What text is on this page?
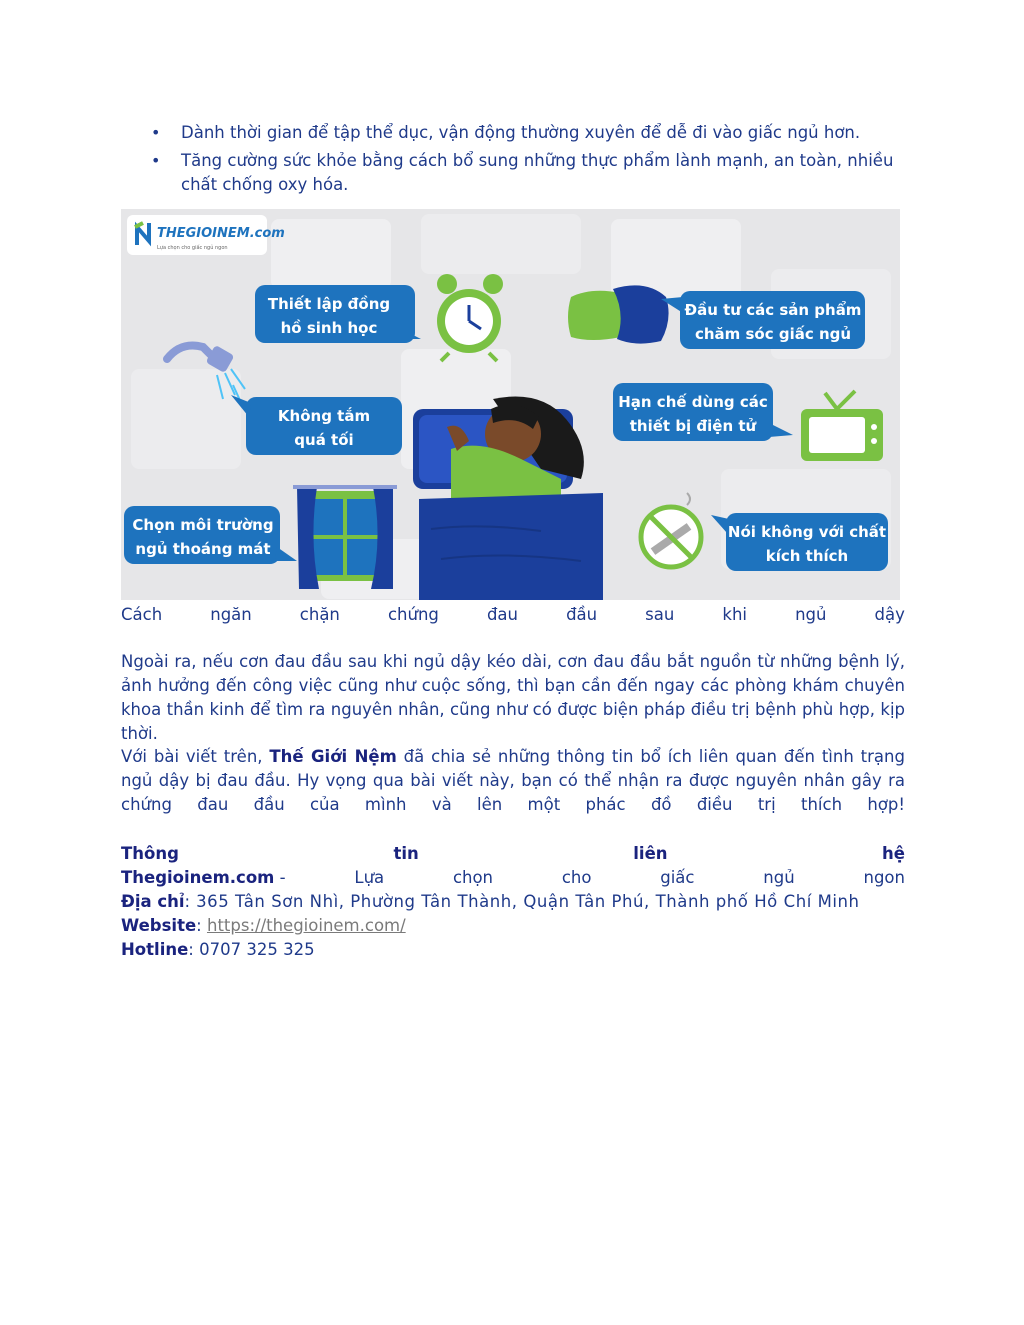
• Dành thời gian để tập thể dục, vận động thường xuyên để dễ đi vào giấc ngủ hơn.
• Tăng cường sức khỏe bằng cách bổ sung những thực phẩm lành mạnh, an toàn, nhiều chất chống oxy hóa.
THEGIOINEM.com
Lựa chọn cho giấc ngủ ngon
Thiết lập đồng
hồ sinh học
Đầu tư các sản phẩm
chăm sóc giấc ngủ
Không tắm
quá tối
Hạn chế dùng các
thiết bị điện tử
Chọn môi trường
ngủ thoáng mát
Nói không với chất
kích thích
Cách	ngăn	chặn	chứng	đau	đầu	sau	khi	ngủ	dậy

Ngoài ra, nếu cơn đau đầu sau khi ngủ dậy kéo dài, cơn đau đầu bắt nguồn từ những bệnh lý, ảnh hưởng đến công việc cũng như cuộc sống, thì bạn cần đến ngay các phòng khám chuyên khoa thần kinh để tìm ra nguyên nhân, cũng như có được biện pháp điều trị bệnh phù hợp, kịp thời.

Với bài viết trên, Thế Giới Nệm đã chia sẻ những thông tin bổ ích liên quan đến tình trạng ngủ dậy bị đau đầu. Hy vọng qua bài viết này, bạn có thể nhận ra được nguyên nhân gây ra chứng đau đầu của mình và lên một phác đồ điều trị thích hợp!

Thông	tin	liên	hệ
Thegioinem.com -	Lựa	chọn	cho	giấc	ngủ	ngon
Địa chỉ: 365 Tân Sơn Nhì, Phường Tân Thành, Quận Tân Phú, Thành phố Hồ Chí Minh
Website: https://thegioinem.com/
Hotline: 0707 325 325
